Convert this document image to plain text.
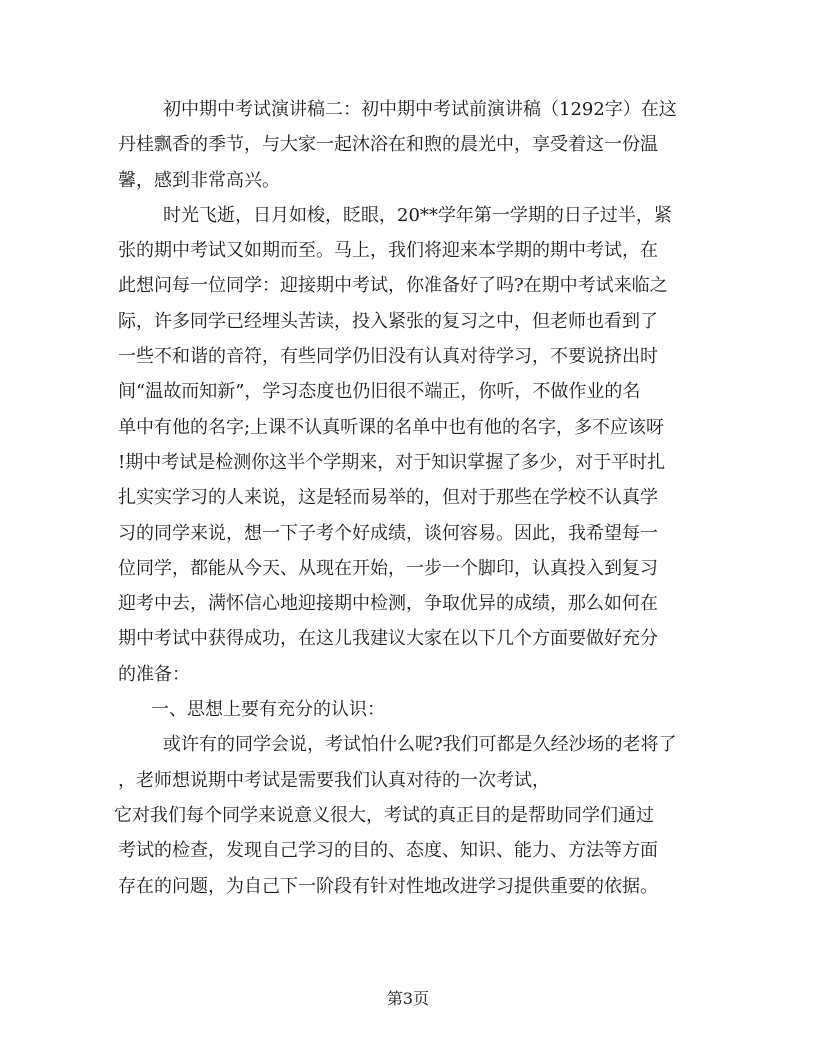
初中期中考试演讲稿二：初中期中考试前演讲稿（1292字）在这
丹桂飘香的季节，与大家一起沐浴在和煦的晨光中，享受着这一份温
馨，感到非常高兴。
时光飞逝，日月如梭，眨眼，20**学年第一学期的日子过半，紧
张的期中考试又如期而至。马上，我们将迎来本学期的期中考试，在
此想问每一位同学：迎接期中考试，你准备好了吗?在期中考试来临之
际，许多同学已经埋头苦读，投入紧张的复习之中，但老师也看到了
一些不和谐的音符，有些同学仍旧没有认真对待学习，不要说挤出时
间“温故而知新”，学习态度也仍旧很不端正，你听，不做作业的名
单中有他的名字;上课不认真听课的名单中也有他的名字，多不应该呀
!期中考试是检测你这半个学期来，对于知识掌握了多少，对于平时扎
扎实实学习的人来说，这是轻而易举的，但对于那些在学校不认真学
习的同学来说，想一下子考个好成绩，谈何容易。因此，我希望每一
位同学，都能从今天、从现在开始，一步一个脚印，认真投入到复习
迎考中去，满怀信心地迎接期中检测，争取优异的成绩，那么如何在
期中考试中获得成功，在这儿我建议大家在以下几个方面要做好充分
的准备：
一、思想上要有充分的认识：
或许有的同学会说，考试怕什么呢?我们可都是久经沙场的老将了
，老师想说期中考试是需要我们认真对待的一次考试，
它对我们每个同学来说意义很大，考试的真正目的是帮助同学们通过
考试的检查，发现自己学习的目的、态度、知识、能力、方法等方面
存在的问题，为自己下一阶段有针对性地改进学习提供重要的依据。
第3页
